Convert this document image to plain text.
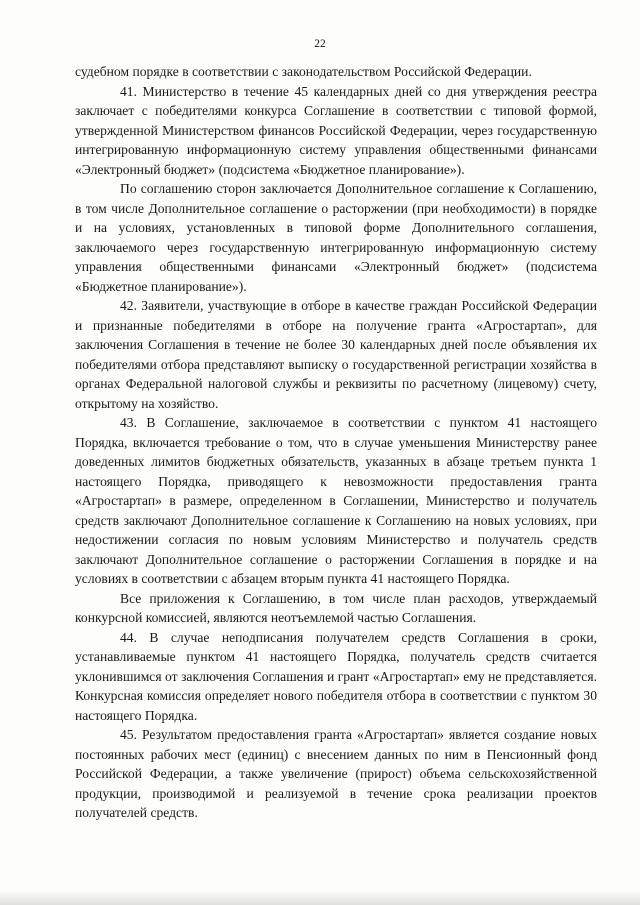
22

судебном порядке в соответствии с законодательством Российской Федерации.

41. Министерство в течение 45 календарных дней со дня утверждения реестра заключает с победителями конкурса Соглашение в соответствии с типовой формой, утвержденной Министерством финансов Российской Федерации, через государственную интегрированную информационную систему управления общественными финансами «Электронный бюджет» (подсистема «Бюджетное планирование»).

По соглашению сторон заключается Дополнительное соглашение к Соглашению, в том числе Дополнительное соглашение о расторжении (при необходимости) в порядке и на условиях, установленных в типовой форме Дополнительного соглашения, заключаемого через государственную интегрированную информационную систему управления общественными финансами «Электронный бюджет» (подсистема «Бюджетное планирование»).

42. Заявители, участвующие в отборе в качестве граждан Российской Федерации и признанные победителями в отборе на получение гранта «Агростартап», для заключения Соглашения в течение не более 30 календарных дней после объявления их победителями отбора представляют выписку о государственной регистрации хозяйства в органах Федеральной налоговой службы и реквизиты по расчетному (лицевому) счету, открытому на хозяйство.

43. В Соглашение, заключаемое в соответствии с пунктом 41 настоящего Порядка, включается требование о том, что в случае уменьшения Министерству ранее доведенных лимитов бюджетных обязательств, указанных в абзаце третьем пункта 1 настоящего Порядка, приводящего к невозможности предоставления гранта «Агростартап» в размере, определенном в Соглашении, Министерство и получатель средств заключают Дополнительное соглашение к Соглашению на новых условиях, при недостижении согласия по новым условиям Министерство и получатель средств заключают Дополнительное соглашение о расторжении Соглашения в порядке и на условиях в соответствии с абзацем вторым пункта 41 настоящего Порядка.

Все приложения к Соглашению, в том числе план расходов, утверждаемый конкурсной комиссией, являются неотъемлемой частью Соглашения.

44. В случае неподписания получателем средств Соглашения в сроки, устанавливаемые пунктом 41 настоящего Порядка, получатель средств считается уклонившимся от заключения Соглашения и грант «Агростартап» ему не представляется. Конкурсная комиссия определяет нового победителя отбора в соответствии с пунктом 30 настоящего Порядка.

45. Результатом предоставления гранта «Агростартап» является создание новых постоянных рабочих мест (единиц) с внесением данных по ним в Пенсионный фонд Российской Федерации, а также увеличение (прирост) объема сельскохозяйственной продукции, производимой и реализуемой в течение срока реализации проектов получателей средств.
